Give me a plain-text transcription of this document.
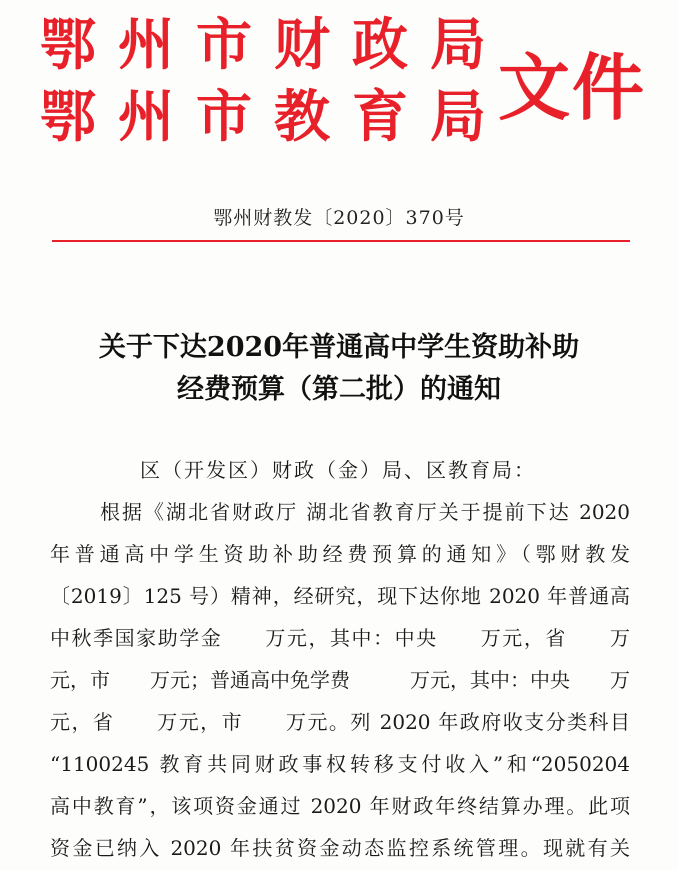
鄂州市财政局
鄂州市教育局
文件
鄂州财教发〔2020〕370号
关于下达2020年普通高中学生资助补助
经费预算（第二批）的通知
区（开发区）财政（金）局、区教育局：
根据《湖北省财政厅 湖北省教育厅关于提前下达 2020
年普通高中学生资助补助经费预算的通知》（鄂财教发
〔2019〕125 号）精神，经研究，现下达你地 2020 年普通高
中秋季国家助学金　　万元，其中：中央　　万元，省　　万
元，市　　万元；普通高中免学费　　　万元，其中：中央　　万
元，省　　万元，市　　万元。列 2020 年政府收支分类科目
“1100245 教育共同财政事权转移支付收入”和“2050204
高中教育”，该项资金通过 2020 年财政年终结算办理。此项
资金已纳入 2020 年扶贫资金动态监控系统管理。现就有关
